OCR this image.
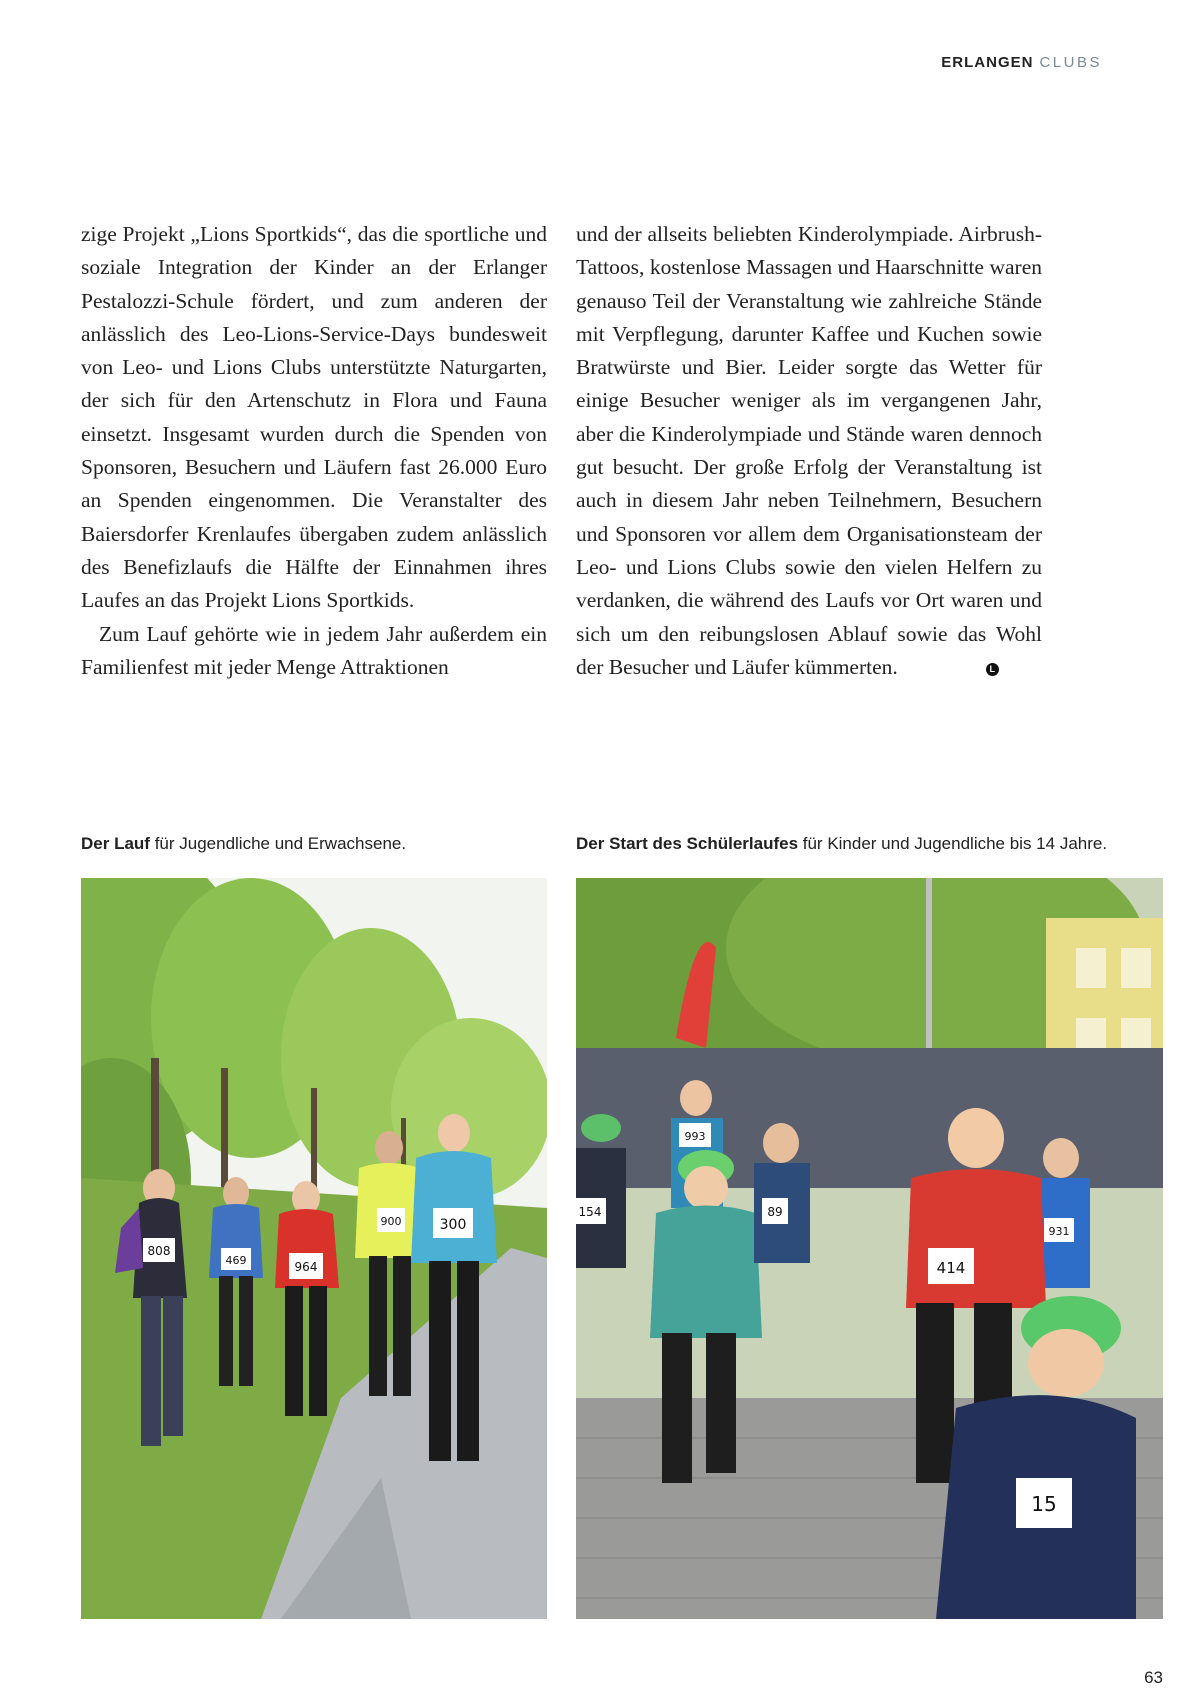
ERLANGEN CLUBS

zige Projekt „Lions Sportkids“, das die sportliche und soziale Integration der Kinder an der Erlanger Pestalozzi-Schule fördert, und zum anderen der anlässlich des Leo-Lions-Service-Days bundesweit von Leo- und Lions Clubs unterstützte Naturgarten, der sich für den Artenschutz in Flora und Fauna einsetzt. Insgesamt wurden durch die Spenden von Sponsoren, Besuchern und Läufern fast 26.000 Euro an Spenden eingenommen. Die Veranstalter des Baiersdorfer Krenlaufes übergaben zudem anlässlich des Benefizlaufs die Hälfte der Einnahmen ihres Laufes an das Projekt Lions Sportkids.

Zum Lauf gehörte wie in jedem Jahr außerdem ein Familienfest mit jeder Menge Attraktionen

und der allseits beliebten Kinderolympiade. Airbrush-Tattoos, kostenlose Massagen und Haarschnitte waren genauso Teil der Veranstaltung wie zahlreiche Stände mit Verpflegung, darunter Kaffee und Kuchen sowie Bratwürste und Bier. Leider sorgte das Wetter für einige Besucher weniger als im vergangenen Jahr, aber die Kinderolympiade und Stände waren dennoch gut besucht. Der große Erfolg der Veranstaltung ist auch in diesem Jahr neben Teilnehmern, Besuchern und Sponsoren vor allem dem Organisationsteam der Leo- und Lions Clubs sowie den vielen Helfern zu verdanken, die während des Laufs vor Ort waren und sich um den reibungslosen Ablauf sowie das Wohl der Besucher und Läufer kümmerten.	L

Der Lauf für Jugendliche und Erwachsene.	Der Start des Schülerlaufes für Kinder und Jugendliche bis 14 Jahre.
808
469	964
900	300
154
993
89
931
414
15
63
